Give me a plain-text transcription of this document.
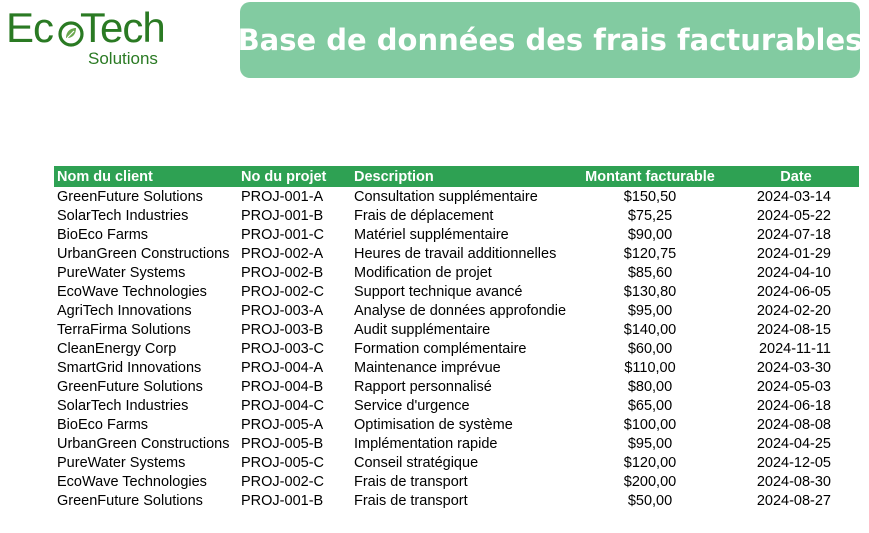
Ec Tech
Solutions
Base de données des frais facturables
Nom du client	No du projet	Description	Montant facturable	Date
GreenFuture Solutions	PROJ-001-A	Consultation supplémentaire	$150,50	2024-03-14
SolarTech Industries	PROJ-001-B	Frais de déplacement	$75,25	2024-05-22
BioEco Farms	PROJ-001-C	Matériel supplémentaire	$90,00	2024-07-18
UrbanGreen Constructions PROJ-002-A	Heures de travail additionnelles	$120,75	2024-01-29
PureWater Systems	PROJ-002-B	Modification de projet	$85,60	2024-04-10
EcoWave Technologies	PROJ-002-C	Support technique avancé	$130,80	2024-06-05
AgriTech Innovations	PROJ-003-A	Analyse de données approfondie	$95,00	2024-02-20
TerraFirma Solutions	PROJ-003-B	Audit supplémentaire	$140,00	2024-08-15
CleanEnergy Corp	PROJ-003-C	Formation complémentaire	$60,00	2024-11-11
SmartGrid Innovations	PROJ-004-A	Maintenance imprévue	$110,00	2024-03-30
GreenFuture Solutions	PROJ-004-B	Rapport personnalisé	$80,00	2024-05-03
SolarTech Industries	PROJ-004-C	Service d'urgence	$65,00	2024-06-18
BioEco Farms	PROJ-005-A	Optimisation de système	$100,00	2024-08-08
UrbanGreen Constructions PROJ-005-B	Implémentation rapide	$95,00	2024-04-25
PureWater Systems	PROJ-005-C	Conseil stratégique	$120,00	2024-12-05
EcoWave Technologies	PROJ-002-C	Frais de transport	$200,00	2024-08-30
GreenFuture Solutions	PROJ-001-B	Frais de transport	$50,00	2024-08-27
